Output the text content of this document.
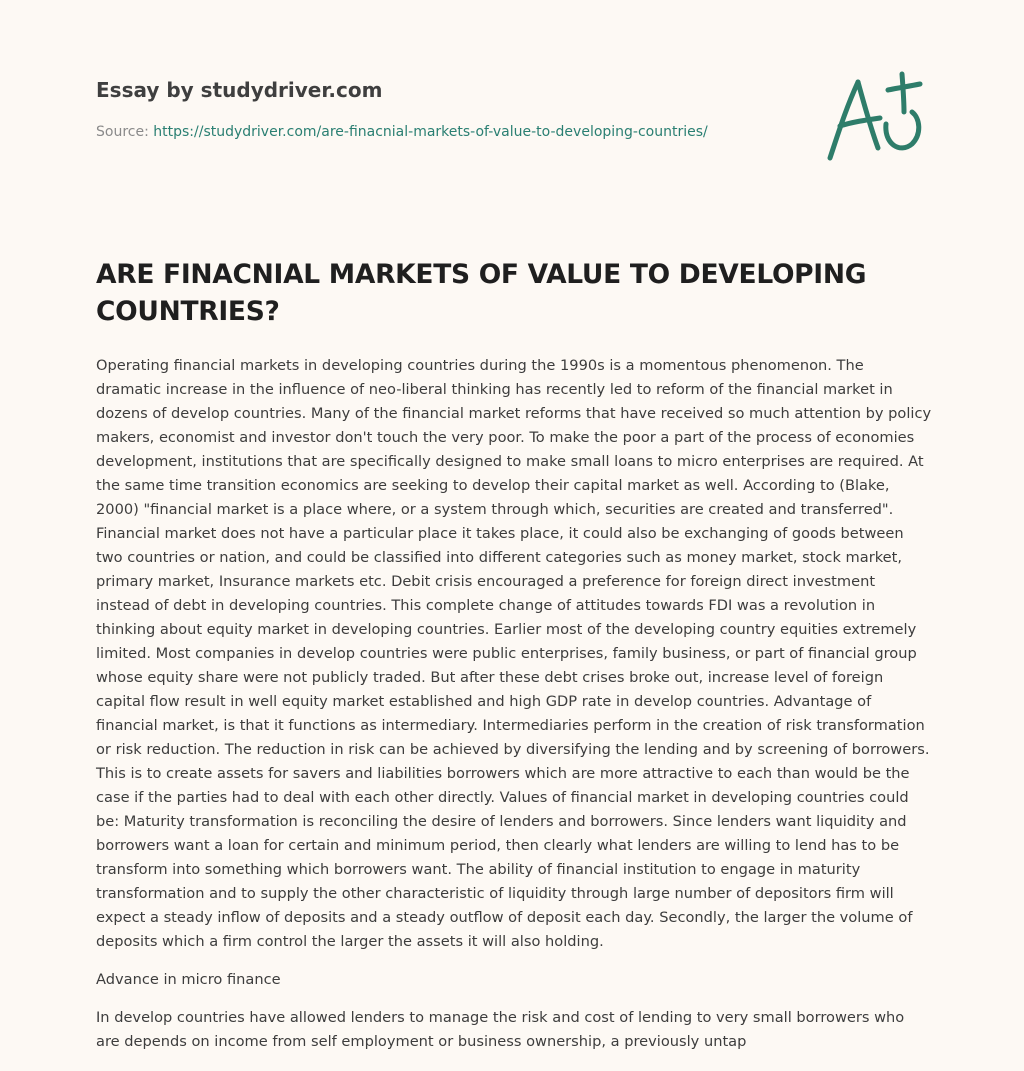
Essay by studydriver.com
Source: https://studydriver.com/are-finacnial-markets-of-value-to-developing-countries/
ARE FINACNIAL MARKETS OF VALUE TO DEVELOPING COUNTRIES?

Operating financial markets in developing countries during the 1990s is a momentous phenomenon. The dramatic increase in the influence of neo-liberal thinking has recently led to reform of the financial market in dozens of develop countries. Many of the financial market reforms that have received so much attention by policy makers, economist and investor don't touch the very poor. To make the poor a part of the process of economies development, institutions that are specifically designed to make small loans to micro enterprises are required. At the same time transition economics are seeking to develop their capital market as well. According to (Blake, 2000) "financial market is a place where, or a system through which, securities are created and transferred". Financial market does not have a particular place it takes place, it could also be exchanging of goods between two countries or nation, and could be classified into different categories such as money market, stock market, primary market, Insurance markets etc. Debit crisis encouraged a preference for foreign direct investment instead of debt in developing countries. This complete change of attitudes towards FDI was a revolution in thinking about equity market in developing countries. Earlier most of the developing country equities extremely limited. Most companies in develop countries were public enterprises, family business, or part of financial group whose equity share were not publicly traded. But after these debt crises broke out, increase level of foreign capital flow result in well equity market established and high GDP rate in develop countries. Advantage of financial market, is that it functions as intermediary. Intermediaries perform in the creation of risk transformation or risk reduction. The reduction in risk can be achieved by diversifying the lending and by screening of borrowers. This is to create assets for savers and liabilities borrowers which are more attractive to each than would be the case if the parties had to deal with each other directly. Values of financial market in developing countries could be: Maturity transformation is reconciling the desire of lenders and borrowers. Since lenders want liquidity and borrowers want a loan for certain and minimum period, then clearly what lenders are willing to lend has to be transform into something which borrowers want. The ability of financial institution to engage in maturity transformation and to supply the other characteristic of liquidity through large number of depositors firm will expect a steady inflow of deposits and a steady outflow of deposit each day. Secondly, the larger the volume of deposits which a firm control the larger the assets it will also holding.

Advance in micro finance

In develop countries have allowed lenders to manage the risk and cost of lending to very small borrowers who are depends on income from self employment or business ownership, a previously untap
